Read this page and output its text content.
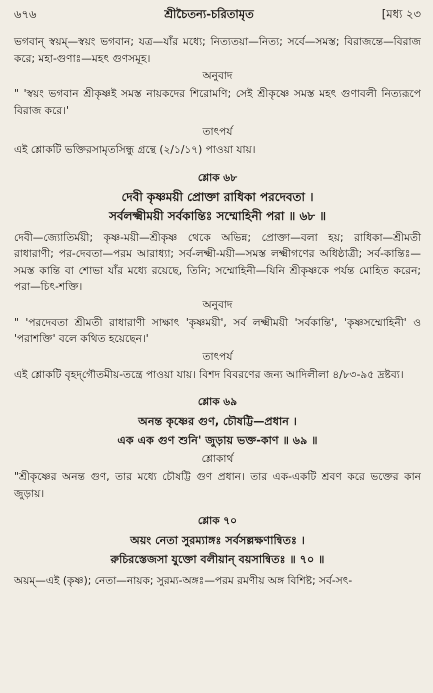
৬৭৬	শ্রীচৈতন্য-চরিতামৃত	[মধ্য ২৩

ভগবান্‌ স্বয়ম্‌—স্বয়ং ভগবান; যত্র—যাঁর মধ্যে; নিত্যতয়া—নিত্য; সর্বে—সমস্ত; বিরাজন্তে—বিরাজ করে; মহা-গুণাঃ—মহৎ গুণসমূহ।

অনুবাদ

" 'স্বয়ং ভগবান শ্রীকৃষ্ণই সমস্ত নায়কদের শিরোমণি; সেই শ্রীকৃষ্ণে সমস্ত মহৎ গুণাবলী নিত্যরূপে বিরাজ করে।'

তাৎপর্য

এই শ্লোকটি ভক্তিরসামৃতসিন্ধু গ্রন্থে (২/১/১৭) পাওয়া যায়।

শ্লোক ৬৮

দেবী কৃষ্ণময়ী প্রোক্তা রাধিকা পরদেবতা ।

সর্বলক্ষ্মীময়ী সর্বকান্তিঃ সম্মোহিনী পরা ॥ ৬৮ ॥

দেবী—জ্যোতির্ময়ী; কৃষ্ণ-ময়ী—শ্রীকৃষ্ণ থেকে অভিন্ন; প্রোক্তা—বলা হয়; রাধিকা—শ্রীমতী রাধারাণী; পর-দেবতা—পরম আরাধ্যা; সর্ব-লক্ষ্মী-ময়ী—সমস্ত লক্ষ্মীগণের অধিষ্ঠাত্রী; সর্ব-কান্তিঃ—সমস্ত কান্তি বা শোভা যাঁর মধ্যে রয়েছে, তিনি; সম্মোহিনী—যিনি শ্রীকৃষ্ণকে পর্যন্ত মোহিত করেন; পরা—চিৎ-শক্তি।

অনুবাদ

" 'পরদেবতা শ্রীমতী রাধারাণী সাক্ষাৎ 'কৃষ্ণময়ী', সর্ব লক্ষ্মীময়ী 'সর্বকান্তি', 'কৃষ্ণসম্মোহিনী' ও 'পরাশক্তি' বলে কথিত হয়েছেন।'

তাৎপর্য

এই শ্লোকটি বৃহদ্‌গৌতমীয়-তন্ত্রে পাওয়া যায়। বিশদ বিবরণের জন্য আদিলীলা ৪/৮৩-৯৫ দ্রষ্টব্য।

শ্লোক ৬৯

অনন্ত কৃষ্ণের গুণ, চৌষট্টি—প্রধান ।

এক এক গুণ শুনি' জুড়ায় ভক্ত-কাণ ॥ ৬৯ ॥

শ্লোকার্থ

"শ্রীকৃষ্ণের অনন্ত গুণ, তার মধ্যে চৌষট্টি গুণ প্রধান। তার এক-একটি শ্রবণ করে ভক্তের কান জুড়ায়।

শ্লোক ৭০

অয়ং নেতা সুরম্যাঙ্গঃ সর্বসল্লক্ষণান্বিতঃ ।

রুচিরস্তেজসা যুক্তো বলীয়ান্‌ বয়সান্বিতঃ ॥ ৭০ ॥

অয়ম্‌—এই (কৃষ্ণ); নেতা—নায়ক; সুরম্য-অঙ্গঃ—পরম রমণীয় অঙ্গ বিশিষ্ট; সর্ব-সৎ-
